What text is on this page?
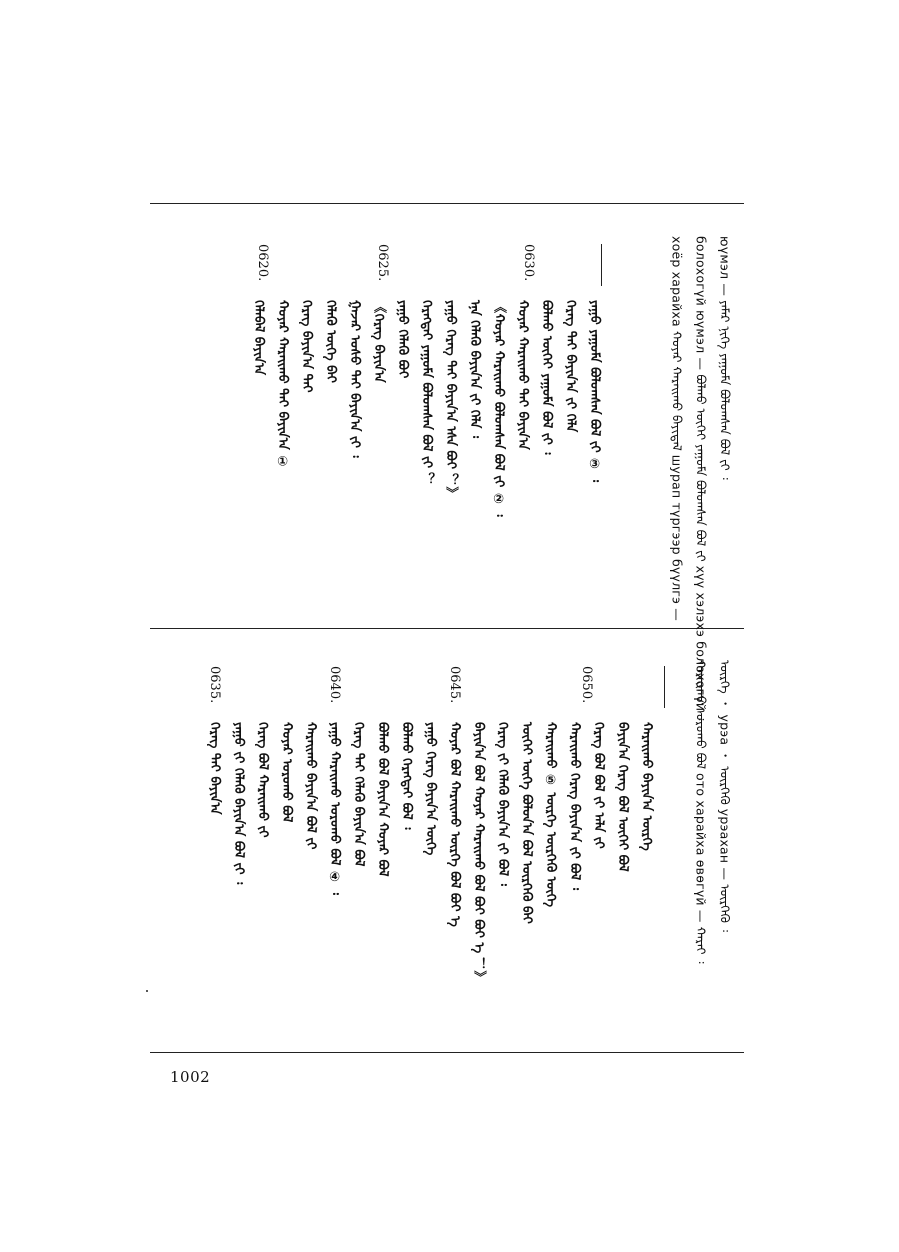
юүмэл — ᠶᠠᠮᠠᠷ ᠨᠢᠭᠡ ᠶᠠᠭᠤᠮᠠ ᠪᠣᠯᠤᠭᠰᠠᠨ ᠪᠣᠯ ᠵᠢ ᠄
болохогүй юүмэл — ᠪᠣᠯᠬᠤ ᠦᠭᠡᠢ ᠶᠠᠭᠤᠮᠠ ᠪᠣᠯᠤᠭᠰᠠᠨ ᠪᠣᠯ ᠵᠢ хүү хэлэхэ болохогүй ᠄
хоёр харайха ᠬᠣᠶᠠᠷ ᠬᠠᠷᠠᠢᠬᠤ ᠪᠠᠶᠢᠳᠠᠯ шурап түргээр бүүлгэ —
ᠶᠠᠭᠤ ᠶᠠᠭᠤᠮᠠ ᠪᠣᠯᠤᠭᠰᠠᠨ ᠪᠣᠯ ᠵᠢ ③ ᠄
ᠬᠡᠷᠡᠭ ᠲᠠᠢ ᠪᠠᠶᠢᠨ᠎ᠠ ᠵᠢ ᠬᠡᠯᠡ
ᠪᠣᠯᠬᠤ ᠦᠭᠡᠢ ᠶᠠᠭᠤᠮᠠ ᠪᠣᠯ ᠵᠢ ᠄
ᠬᠣᠶᠠᠷ ᠬᠠᠷᠠᠢᠬᠤ ᠲᠠᠢ ᠪᠠᠶᠢᠨ᠎ᠠ
《ᠬᠣᠶᠠᠷ ᠬᠠᠷᠠᠢᠬᠤ ᠪᠣᠯᠤᠭᠰᠠᠨ ᠪᠣᠯ ᠵᠢ ② ᠄
ᠡᠨᠡ ᠬᠡᠯᠡᠬᠦ ᠪᠠᠶᠢᠨ᠎ᠠ ᠵᠢ ᠬᠡᠯᠡ ᠄
ᠶᠠᠭᠤ ᠬᠡᠷᠡᠭ ᠲᠠᠢ ᠪᠠᠶᠢᠨ᠎ᠠ ᠡᠰᠡ ᠪᠣᠢ ？》
ᠬᠡᠷᠡᠭᠲᠡᠢ ᠶᠠᠭᠤᠮᠠ ᠪᠣᠯᠤᠭᠰᠠᠨ ᠪᠣᠯ ᠵᠢ ？
ᠶᠠᠭᠤ ᠬᠡᠯᠡᠬᠦ ᠪᠣᠢ
《ᠬᠡᠷᠡᠭ ᠪᠠᠶᠢᠨ᠎ᠠ
ᠭᠠᠵᠠᠷ ᠤᠰᠤ ᠲᠠᠢ ᠪᠠᠶᠢᠨ᠎ᠠ ᠵᠢ ᠄
ᠬᠡᠯᠡᠬᠦ ᠦᠭᠡ ᠪᠠᠢ
ᠬᠡᠷᠡᠭ ᠪᠠᠶᠢᠨ᠎ᠠ ᠲᠠᠢ
ᠬᠣᠶᠠᠷ ᠬᠠᠷᠠᠢᠬᠤ ᠲᠠᠢ ᠪᠠᠶᠢᠨ᠎ᠠ ①
ᠬᠡᠯᠡᠪᠡᠯ ᠪᠠᠶᠢᠨ᠎ᠠ
0630.
0625.
0620.
ᠦᠷᠭᠡ ・ урэа ・ ᠦᠷᠭᠡᠬᠦ урэахан — ᠦᠷᠭᠡᠬᠦ ᠄
ᠬᠠᠷᠠᠢᠬᠤ ᠣᠷᠣᠬᠤ ᠪᠣᠯ ото харайха өвөгүй — ᠬᠠᠷᠠᠢ ᠄
ᠬᠠᠷᠠᠢᠬᠤ ᠪᠠᠶᠢᠨ᠎ᠠ ᠦᠷᠭᠡ
ᠪᠠᠶᠢᠨ᠎ᠠ ᠬᠡᠷᠡᠭ ᠪᠣᠯ ᠦᠭᠡᠢ ᠪᠣᠯ
ᠬᠡᠷᠡᠭ ᠪᠣᠯ ᠪᠣᠯ ᠵᠢ ᠠᠯᠠ ᠵᠢ
ᠬᠠᠷᠠᠢᠬᠤ ᠬᠡᠷᠡᠭ ᠪᠠᠶᠢᠨ᠎ᠠ ᠵᠢ ᠪᠣᠯ ᠄
ᠬᠠᠷᠠᠢᠬᠤ ⑤ ᠦᠷᠭᠡ ᠦᠷᠭᠡᠬᠦ ᠦᠭᠡ
ᠦᠭᠡᠢ ᠦᠭᠡ ᠪᠣᠯᠤᠨ᠎ᠠ ᠪᠣᠯ ᠦᠷᠭᠡᠬᠦ ᠪᠠᠢ
ᠬᠡᠷᠡᠭ ᠵᠢ ᠬᠡᠯᠡᠬᠦ ᠪᠠᠶᠢᠨ᠎ᠠ ᠵᠢ ᠪᠣᠯ ᠄
ᠪᠠᠶᠢᠨ᠎ᠠ ᠪᠣᠯ ᠬᠣᠶᠠᠷ ᠬᠠᠷᠠᠢᠬᠤ ᠪᠣᠯ ᠪᠣᠢ ᠪᠣᠢ ᠡ ！》
ᠬᠣᠶᠠᠷ ᠪᠣᠯ ᠬᠠᠷᠠᠢᠬᠤ ᠦᠷᠭᠡ ᠪᠣᠯ ᠪᠣᠢ ᠡ
ᠶᠠᠭᠤ ᠬᠡᠷᠡᠭ ᠪᠠᠶᠢᠨ᠎ᠠ ᠦᠭᠡ
ᠪᠣᠯᠬᠤ ᠬᠡᠷᠡᠭᠲᠡᠢ ᠪᠣᠯ ᠄
ᠪᠣᠯᠬᠤ ᠪᠣᠯ ᠪᠠᠶᠢᠨ᠎ᠠ ᠬᠣᠶᠠᠷ ᠪᠣᠯ
ᠬᠡᠷᠡᠭ ᠲᠠᠢ ᠬᠡᠯᠡᠬᠦ ᠪᠠᠶᠢᠨ᠎ᠠ ᠪᠣᠯ
ᠶᠠᠭᠤ ᠬᠠᠷᠠᠢᠬᠤ ᠣᠷᠣᠬᠤ ᠪᠣᠯ ④ ᠄
ᠬᠠᠷᠠᠢᠬᠤ ᠪᠠᠶᠢᠨ᠎ᠠ ᠪᠣᠯ ᠵᠢ
ᠬᠣᠶᠠᠷ ᠣᠷᠣᠬᠤ ᠪᠣᠯ
ᠬᠡᠷᠡᠭ ᠪᠣᠯ ᠬᠠᠷᠠᠢᠬᠤ ᠵᠢ
ᠶᠠᠭᠤ ᠵᠢ ᠬᠡᠯᠡᠬᠦ ᠪᠠᠶᠢᠨ᠎ᠠ ᠪᠣᠯ ᠵᠢ ᠄
ᠬᠡᠷᠡᠭ ᠲᠠᠢ ᠪᠠᠶᠢᠨ᠎ᠠ
0650.
0645.
0640.
0635.
1002
